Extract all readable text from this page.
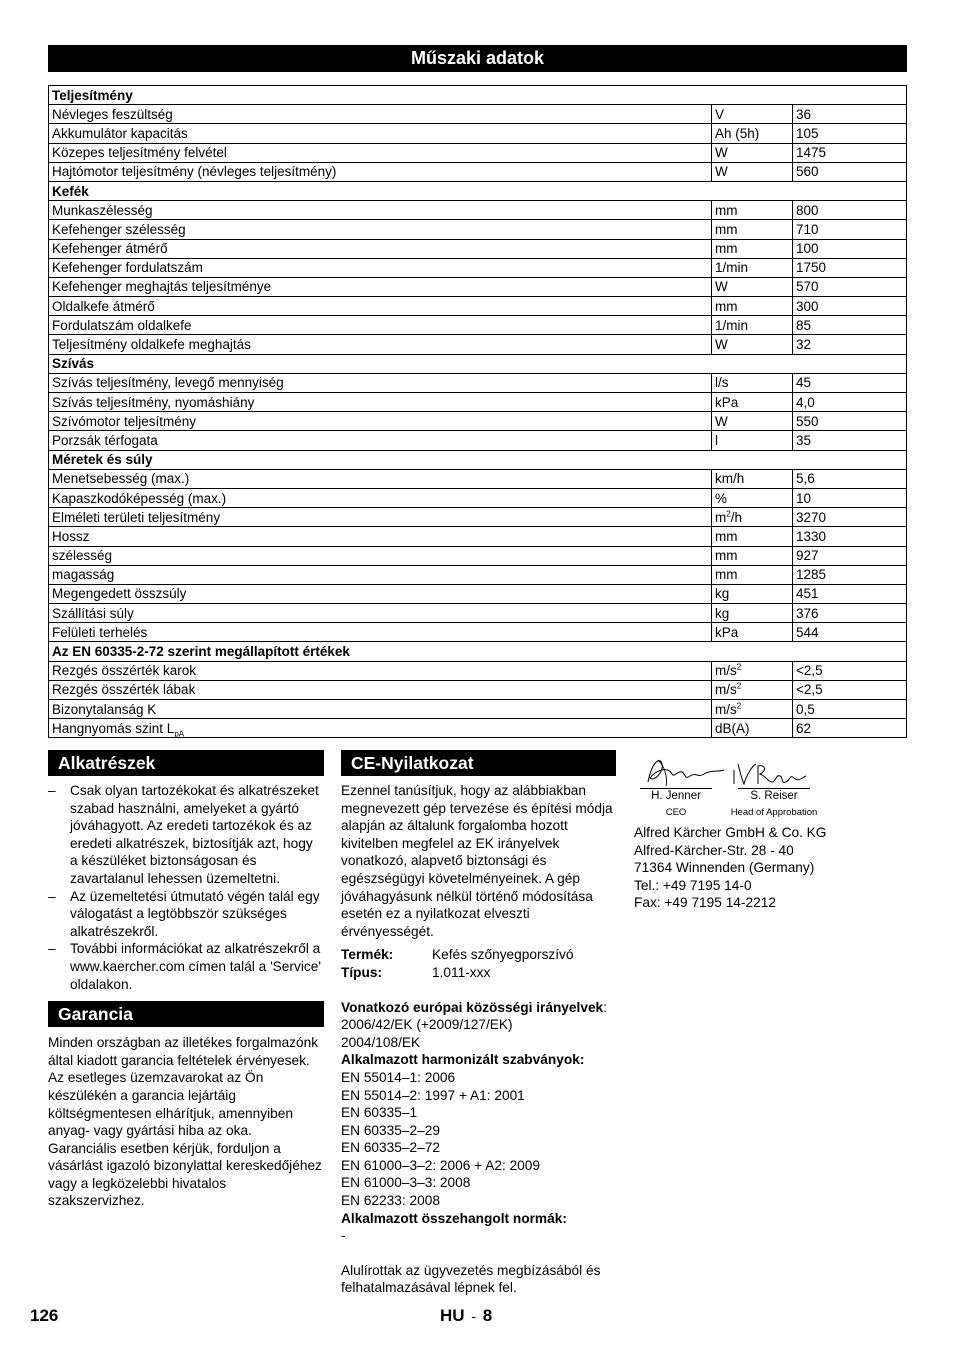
Műszaki adatok
Teljesítmény		
Névleges feszültség	V	36
Akkumulátor kapacitás	Ah (5h)	105
Közepes teljesítmény felvétel	W	1475
Hajtómotor teljesítmény (névleges teljesítmény)	W	560
Kefék		
Munkaszélesség	mm	800
Kefehenger szélesség	mm	710
Kefehenger átmérő	mm	100
Kefehenger fordulatszám	1/min	1750
Kefehenger meghajtás teljesítménye	W	570
Oldalkefe átmérő	mm	300
Fordulatszám oldalkefe	1/min	85
Teljesítmény oldalkefe meghajtás	W	32
Szívás		
Szívás teljesítmény, levegő mennyiség	l/s	45
Szívás teljesítmény, nyomáshiány	kPa	4,0
Szívómotor teljesítmény	W	550
Porzsák térfogata	l	35
Méretek és súly		
Menetsebesség (max.)	km/h	5,6
Kapaszkodóképesség (max.)	%	10
Elméleti területi teljesítmény	$m^2/h$	3270
Hossz	mm	1330
szélesség	mm	927
magasság	mm	1285
Megengedett összsúly	kg	451
Szállítási súly	kg	376
Felületi terhelés	kPa	544
Az EN 60335-2-72 szerint megállapított értékek		
Rezgés összérték karok	$m/s^2$	<2,5
Rezgés összérték lábak	$m/s^2$	<2,5
Bizonytalanság K	$m/s^2$	0,5
Hangnyomás szint $L_{pA}$	dB(A)	62
Alkatrészek
– Csak olyan tartozékokat és alkatrészeket szabad használni, amelyeket a gyártó jóváhagyott. Az eredeti tartozékok és az eredeti alkatrészek, biztosítják azt, hogy a készüléket biztonságosan és zavartalanul lehessen üzemeltetni.
– Az üzemeltetési útmutató végén talál egy válogatást a legtöbbször szükséges alkatrészekről.
– További információkat az alkatrészekről a www.kaercher.com címen talál a 'Service' oldalakon.
Garancia

Minden országban az illetékes forgalmazónk által kiadott garancia feltételek érvényesek. Az esetleges üzemzavarokat az Ön készülékén a garancia lejártáig költségmentesen elhárítjuk, amennyiben anyag- vagy gyártási hiba az oka. Garanciális esetben kérjük, forduljon a vásárlást igazoló bizonylattal kereskedőjéhez vagy a legközelebbi hivatalos szakszervizhez.

CE-Nyilatkozat

Ezennel tanúsítjuk, hogy az alábbiakban megnevezett gép tervezése és építési módja alapján az általunk forgalomba hozott kivitelben megfelel az EK irányelvek vonatkozó, alapvető biztonsági és egészségügyi követelményeinek. A gép jóváhagyásunk nélkül történő módosítása esetén ez a nyilatkozat elveszti érvényességét.

Termék:	Kefés szőnyegporszívó
Típus:	1.011-xxx
Vonatkozó európai közösségi irányelvek:
2006/42/EK (+2009/127/EK)
2004/108/EK
Alkalmazott harmonizált szabványok:
EN 55014–1: 2006
EN 55014–2: 1997 + A1: 2001
EN 60335–1
EN 60335–2–29
EN 60335–2–72
EN 61000–3–2: 2006 + A2: 2009
EN 61000–3–3: 2008
EN 62233: 2008
Alkalmazott összehangolt normák:
-

Alulírottak az ügyvezetés megbízásából és felhatalmazásával lépnek fel.

H. Jenner
CEO
S. Reiser
Head of Approbation
Alfred Kärcher GmbH & Co. KG
Alfred-Kärcher-Str. 28 - 40
71364 Winnenden (Germany)
Tel.: +49 7195 14-0
Fax: +49 7195 14-2212
126	HU - 8
